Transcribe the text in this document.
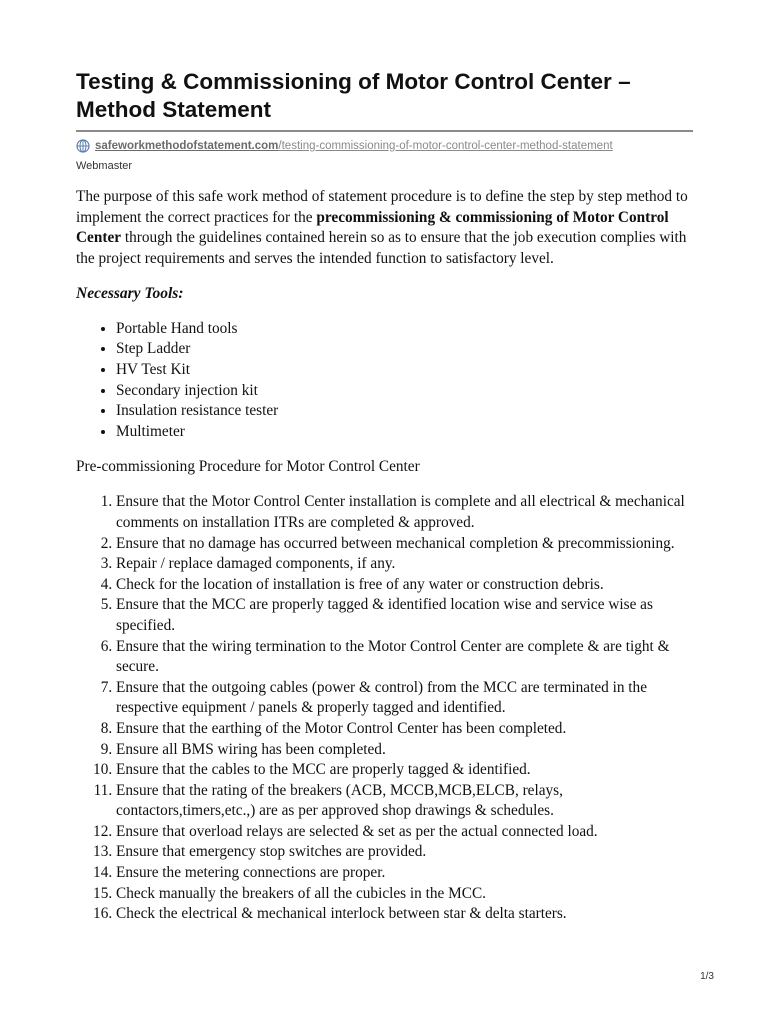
Testing & Commissioning of Motor Control Center – Method Statement
safeworkmethodofstatement.com /testing-commissioning-of-motor-control-center-method-statement
Webmaster

The purpose of this safe work method of statement procedure is to define the step by step method to implement the correct practices for the precommissioning & commissioning of Motor Control Center through the guidelines contained herein so as to ensure that the job execution complies with the project requirements and serves the intended function to satisfactory level.

Necessary Tools:
• Portable Hand tools
• Step Ladder
• HV Test Kit
• Secondary injection kit
• Insulation resistance tester
• Multimeter

Pre-commissioning Procedure for Motor Control Center

1. Ensure that the Motor Control Center installation is complete and all electrical & mechanical comments on installation ITRs are completed & approved.
2. Ensure that no damage has occurred between mechanical completion & precommissioning.
3. Repair / replace damaged components, if any.
4. Check for the location of installation is free of any water or construction debris.
5. Ensure that the MCC are properly tagged & identified location wise and service wise as specified.
6. Ensure that the wiring termination to the Motor Control Center are complete & are tight & secure.
7. Ensure that the outgoing cables (power & control) from the MCC are terminated in the respective equipment / panels & properly tagged and identified.
8. Ensure that the earthing of the Motor Control Center has been completed.
9. Ensure all BMS wiring has been completed.
10. Ensure that the cables to the MCC are properly tagged & identified.
11. Ensure that the rating of the breakers (ACB, MCCB,MCB,ELCB, relays, contactors,timers,etc.,) are as per approved shop drawings & schedules.
12. Ensure that overload relays are selected & set as per the actual connected load.
13. Ensure that emergency stop switches are provided.
14. Ensure the metering connections are proper.
15. Check manually the breakers of all the cubicles in the MCC.
16. Check the electrical & mechanical interlock between star & delta starters.
1/3
